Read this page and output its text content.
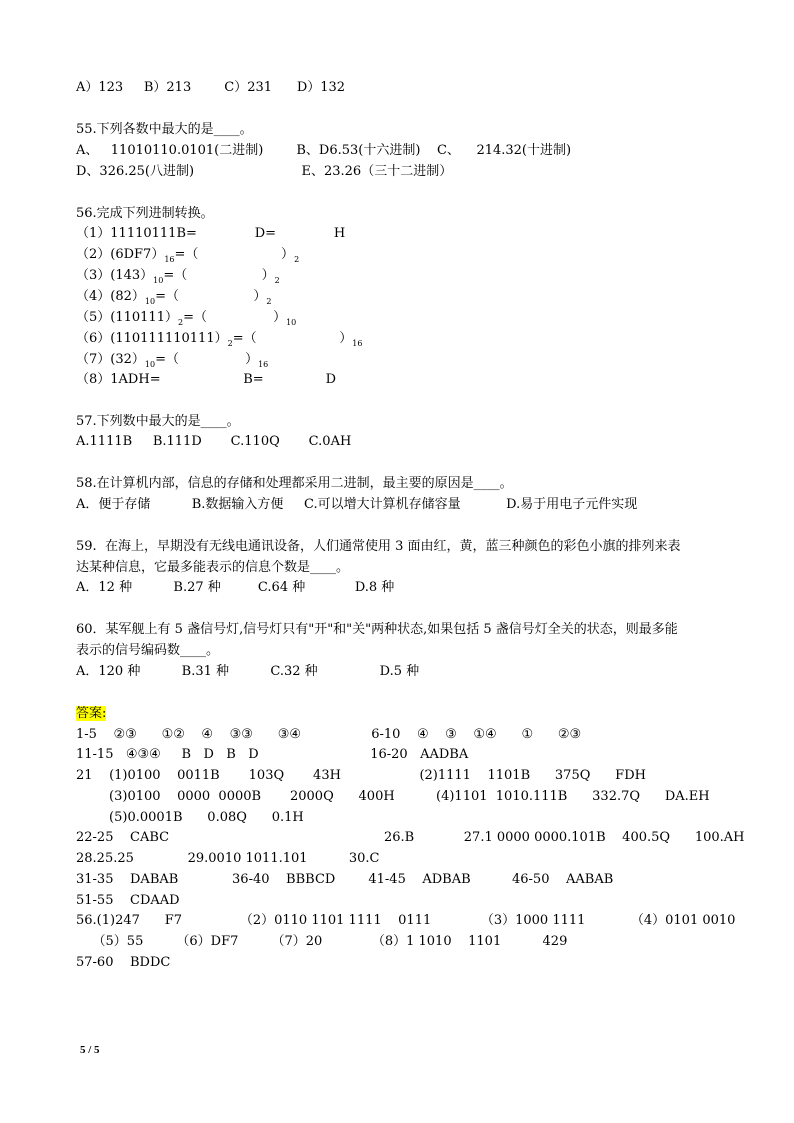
A）123     B）213        C）231      D）132
55.下列各数中最大的是____。
A、   11010110.0101(二进制)        B、D6.53(十六进制)    C、    214.32(十进制)
D、326.25(八进制)                          E、23.26（三十二进制）
56.完成下列进制转换。
（1）11110111B=              D=              H
$(2)(6DF7)_{16}=$（                    ）$_2$
$(3)(143)_{10}=$（                  ）$_2$
$(4)(82)_{10}=$（                  ）$_2$
$(5)(110111)_2=$（                ）$_{10}$
$(6)(110111110111)_2=$（                    ）$_{16}$
$(7)(32)_{10}=$（                ）$_{16}$
（8）1ADH=                    B=               D
57.下列数中最大的是____。
A.1111B     B.111D       C.110Q       C.0AH
58.在计算机内部，信息的存储和处理都采用二进制，最主要的原因是____。
A．便于存储          B.数据输入方便     C.可以增大计算机存储容量           D.易于用电子元件实现
59.  在海上，早期没有无线电通讯设备，人们通常使用 3 面由红，黄，蓝三种颜色的彩色小旗的排列来表
达某种信息，它最多能表示的信息个数是____。
A．12 种          B.27 种         C.64 种            D.8 种
60．某军舰上有 5 盏信号灯,信号灯只有"开"和"关"两种状态,如果包括 5 盏信号灯全关的状态，则最多能
表示的信号编码数____。
A．120 种          B.31 种          C.32 种               D.5 种
答案:
1-5    ②③      ①②    ④    ③③      ③④                 6-10    ④    ③    ①④      ①      ②③
11-15   ④③④     B   D   B   D                           16-20   AADBA
21    (1)0100    0011B       103Q       43H                   (2)1111    1101B      375Q      FDH
(3)0100    0000  0000B       2000Q      400H          (4)1101  1010.111B      332.7Q      DA.EH
(5)0.0001B      0.08Q      0.1H
22-25    CABC                                                    26.B            27.1 0000 0000.101B    400.5Q      100.AH
28.25.25             29.0010 1011.101          30.C
31-35    DABAB             36-40    BBBCD        41-45    ADBAB          46-50    AABAB
51-55    CDAAD
56.(1)247      F7              （2）0110 1101 1111    0111            （3）1000 1111           （4）0101 0010
（5）55        （6）DF7        （7）20            （8）1 1010    1101          429
57-60    BDDC
5 / 5
